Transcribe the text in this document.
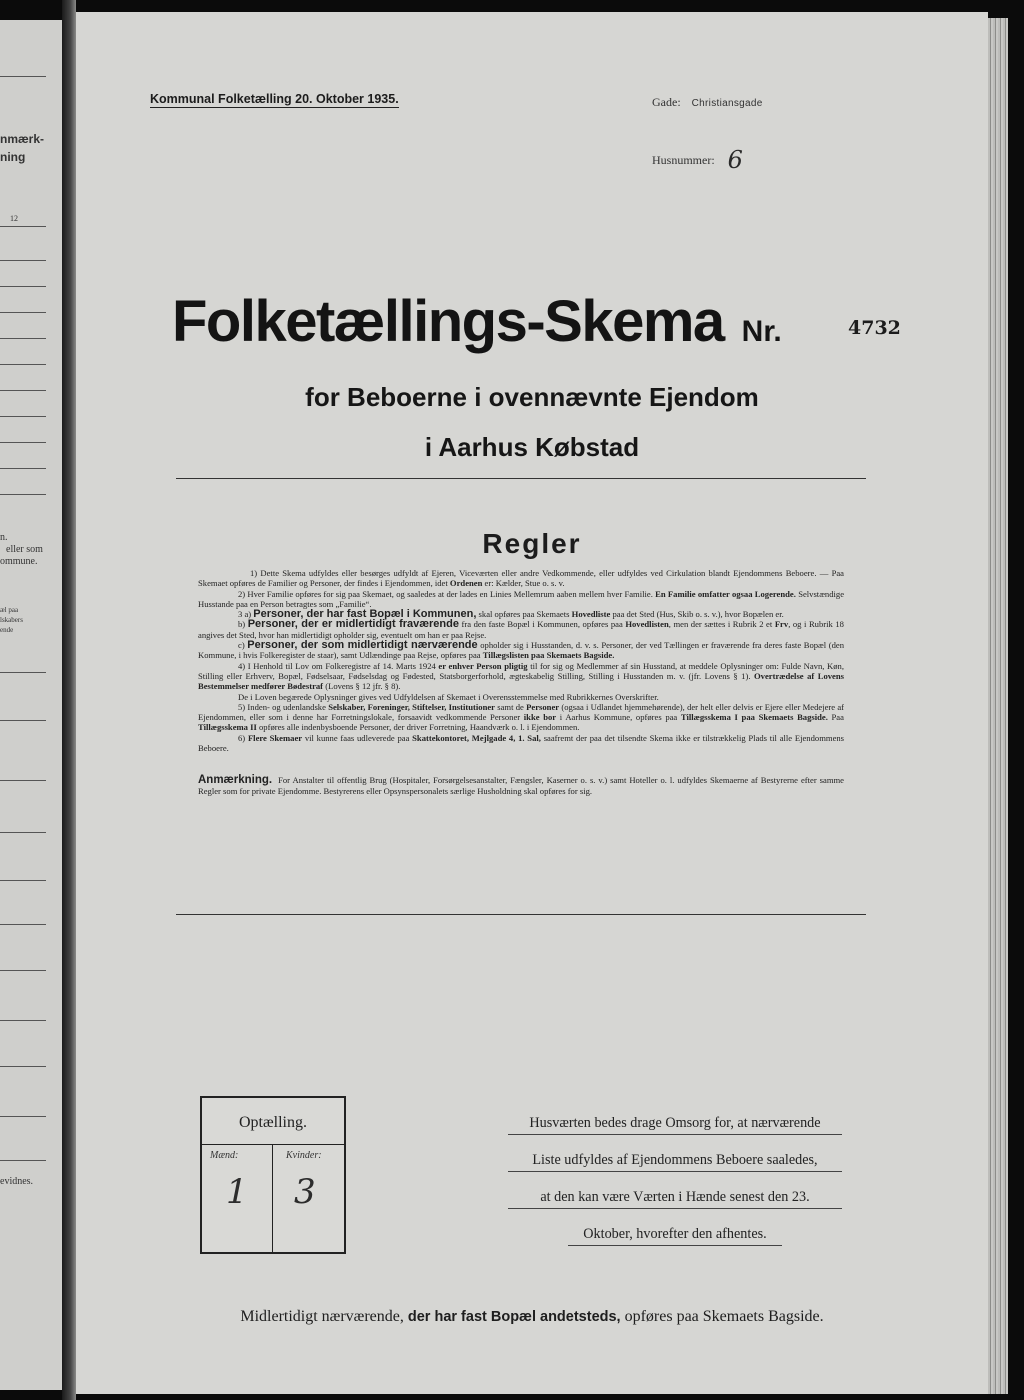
nmærk-
ning
12
n.
eller som
ommune.
æl paa
lskabers
ende
evidnes.
Kommunal Folketælling 20. Oktober 1935.	Gade: Christiansgade
Husnummer: 6
Folketællings-Skema Nr.	4732
for Beboerne i ovennævnte Ejendom
i Aarhus Købstad
Regler

1) Dette Skema udfyldes eller besørges udfyldt af Ejeren, Viceværten eller andre Vedkommende, eller udfyldes ved Cirkulation blandt Ejendommens Beboere. — Paa Skemaet opføres de Familier og Personer, der findes i Ejendommen, idet Ordenen er: Kælder, Stue o. s. v.

2) Hver Familie opføres for sig paa Skemaet, og saaledes at der lades en Linies Mellemrum aaben mellem hver Familie. En Familie omfatter ogsaa Logerende. Selvstændige Husstande paa en Person betragtes som „Familie“.

3 a) Personer, der har fast Bopæl i Kommunen, skal opføres paa Skemaets Hovedliste paa det Sted (Hus, Skib o. s. v.), hvor Bopælen er.

b) Personer, der er midlertidigt fraværende fra den faste Bopæl i Kommunen, opføres paa Hovedlisten, men der sættes i Rubrik 2 et Frv, og i Rubrik 18 angives det Sted, hvor han midlertidigt opholder sig, eventuelt om han er paa Rejse.

c) Personer, der som midlertidigt nærværende opholder sig i Husstanden, d. v. s. Personer, der ved Tællingen er fraværende fra deres faste Bopæl (den Kommune, i hvis Folkeregister de staar), samt Udlændinge paa Rejse, opføres paa Tillægslisten paa Skemaets Bagside.

4) I Henhold til Lov om Folkeregistre af 14. Marts 1924 er enhver Person pligtig til for sig og Medlemmer af sin Husstand, at meddele Oplysninger om: Fulde Navn, Køn, Stilling eller Erhverv, Bopæl, Fødselsaar, Fødselsdag og Fødested, Statsborgerforhold, ægteskabelig Stilling, Stilling i Husstanden m. v. (jfr. Lovens § 1). Overtrædelse af Lovens Bestemmelser medfører Bødestraf (Lovens § 12 jfr. § 8).

De i Loven begærede Oplysninger gives ved Udfyldelsen af Skemaet i Overensstemmelse med Rubrikkernes Overskrifter.

5) Inden- og udenlandske Selskaber, Foreninger, Stiftelser, Institutioner samt de Personer (ogsaa i Udlandet hjemmehørende), der helt eller delvis er Ejere eller Medejere af Ejendommen, eller som i denne har Forretningslokale, forsaavidt vedkommende Personer ikke bor i Aarhus Kommune, opføres paa Tillægsskema I paa Skemaets Bagside. Paa Tillægsskema II opføres alle indenbysboende Personer, der driver Forretning, Haandværk o. l. i Ejendommen.

6) Flere Skemaer vil kunne faas udleverede paa Skattekontoret, Mejlgade 4, 1. Sal, saafremt der paa det tilsendte Skema ikke er tilstrækkelig Plads til alle Ejendommens Beboere.

Anmærkning. For Anstalter til offentlig Brug (Hospitaler, Forsørgelsesanstalter, Fængsler, Kaserner o. s. v.) samt Hoteller o. l. udfyldes Skemaerne af Bestyrerne efter samme Regler som for private Ejendomme. Bestyrerens eller Opsynspersonalets særlige Husholdning skal opføres for sig.

Optælling.
Mænd:	Kvinder:
1 3
Husværten bedes drage Omsorg for, at nærværende
Liste udfyldes af Ejendommens Beboere saaledes,
at den kan være Værten i Hænde senest den 23.
Oktober, hvorefter den afhentes.
Midlertidigt nærværende, der har fast Bopæl andetsteds, opføres paa Skemaets Bagside.
